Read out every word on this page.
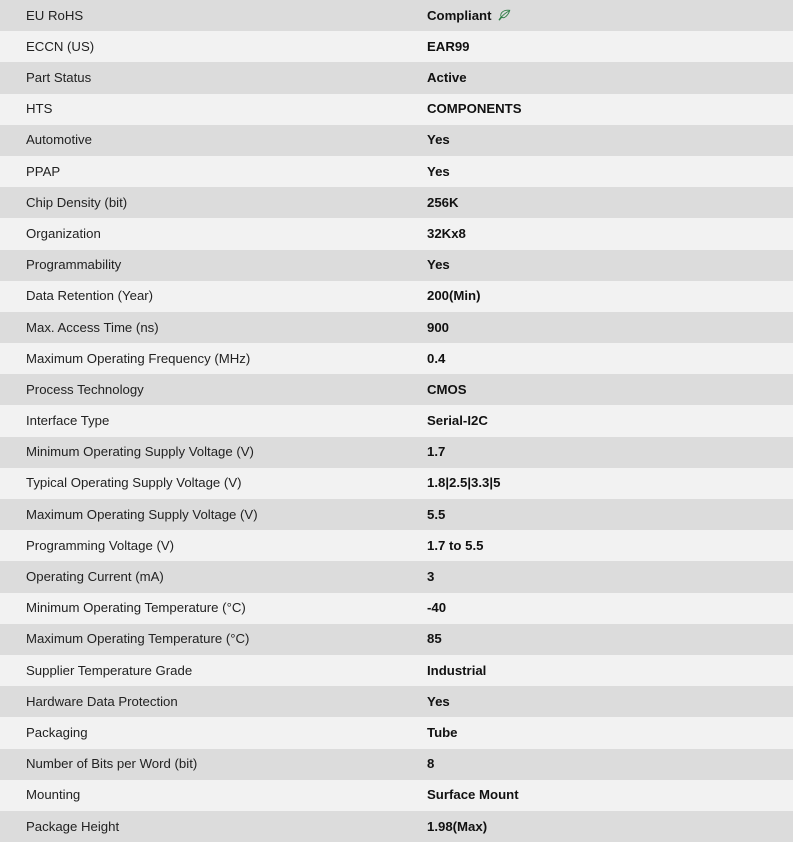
EU RoHS	Compliant

ECCN (US)	EAR99

Part Status	Active

HTS	COMPONENTS

Automotive	Yes

PPAP	Yes

Chip Density (bit)	256K

Organization	32Kx8

Programmability	Yes

Data Retention (Year)	200(Min)

Max. Access Time (ns)	900

Maximum Operating Frequency (MHz)	0.4

Process Technology	CMOS

Interface Type	Serial-I2C

Minimum Operating Supply Voltage (V)	1.7

Typical Operating Supply Voltage (V)	1.8|2.5|3.3|5

Maximum Operating Supply Voltage (V)	5.5

Programming Voltage (V)	1.7 to 5.5

Operating Current (mA)	3

Minimum Operating Temperature (°C)	-40

Maximum Operating Temperature (°C)	85

Supplier Temperature Grade	Industrial

Hardware Data Protection	Yes

Packaging	Tube

Number of Bits per Word (bit)	8

Mounting	Surface Mount

Package Height	1.98(Max)
